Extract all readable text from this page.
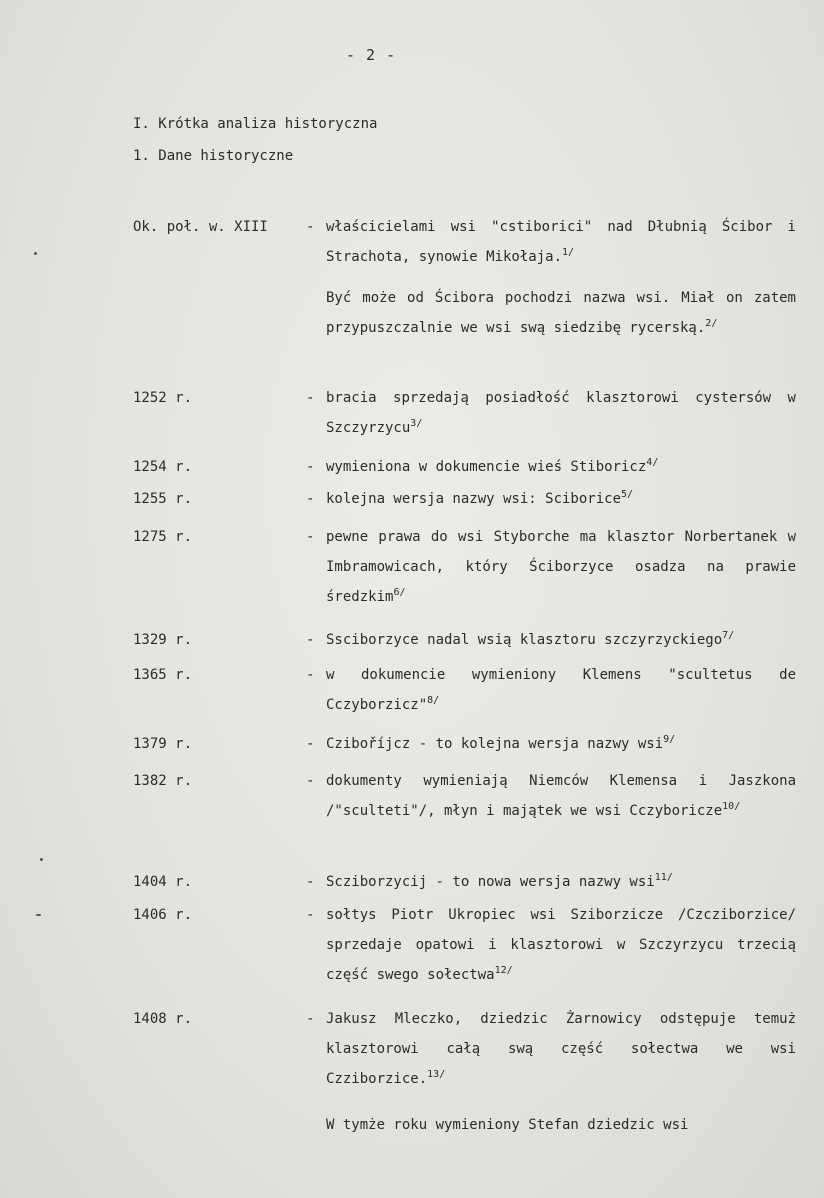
- 2 -
I. Krótka analiza historyczna
1. Dane historyczne
Ok. poł. w. XIII	- właścicielami wsi "cstiborici" nad Dłubnią Ścibor i Strachota, synowie Mikołaja.$^{1/}$
Być może od Ścibora pochodzi nazwa wsi. Miał on zatem przypuszczalnie we wsi swą siedzibę rycerską.$^{2/}$
1252 r.	- bracia sprzedają posiadłość klasztorowi cystersów w Szczyrzycu$^{3/}$
1254 r.	- wymieniona w dokumencie wieś Stiboricz$^{4/}$
1255 r.	- kolejna wersja nazwy wsi: Sciborice$^{5/}$
1275 r.	- pewne prawa do wsi Styborche ma klasztor Norbertanek w Imbramowicach, który Ściborzyce osadza na prawie średzkim$^{6/}$
1329 r.	- Ssciborzyce nadal wsią klasztoru szczyrzyckiego$^{7/}$
1365 r.	- w dokumencie wymieniony Klemens "scultetus de Cczyborzicz"$^{8/}$
1379 r.	- Cziboříjcz - to kolejna wersja nazwy wsi$^{9/}$
1382 r.	- dokumenty wymieniają Niemców Klemensa i Jaszkona /"sculteti"/, młyn i majątek we wsi Cczyboricze$^{10/}$
1404 r.	- Scziborzycij - to nowa wersja nazwy wsi$^{11/}$
1406 r.	- sołtys Piotr Ukropiec wsi Sziborzicze /Czcziborzice/ sprzedaje opatowi i klasztorowi w Szczyrzycu trzecią część swego sołectwa$^{12/}$
1408 r.	- Jakusz Mleczko, dziedzic Żarnowicy odstępuje temuż klasztorowi całą swą część sołectwa we wsi Czziborzice.$^{13/}$
W tymże roku wymieniony Stefan dziedzic wsi
